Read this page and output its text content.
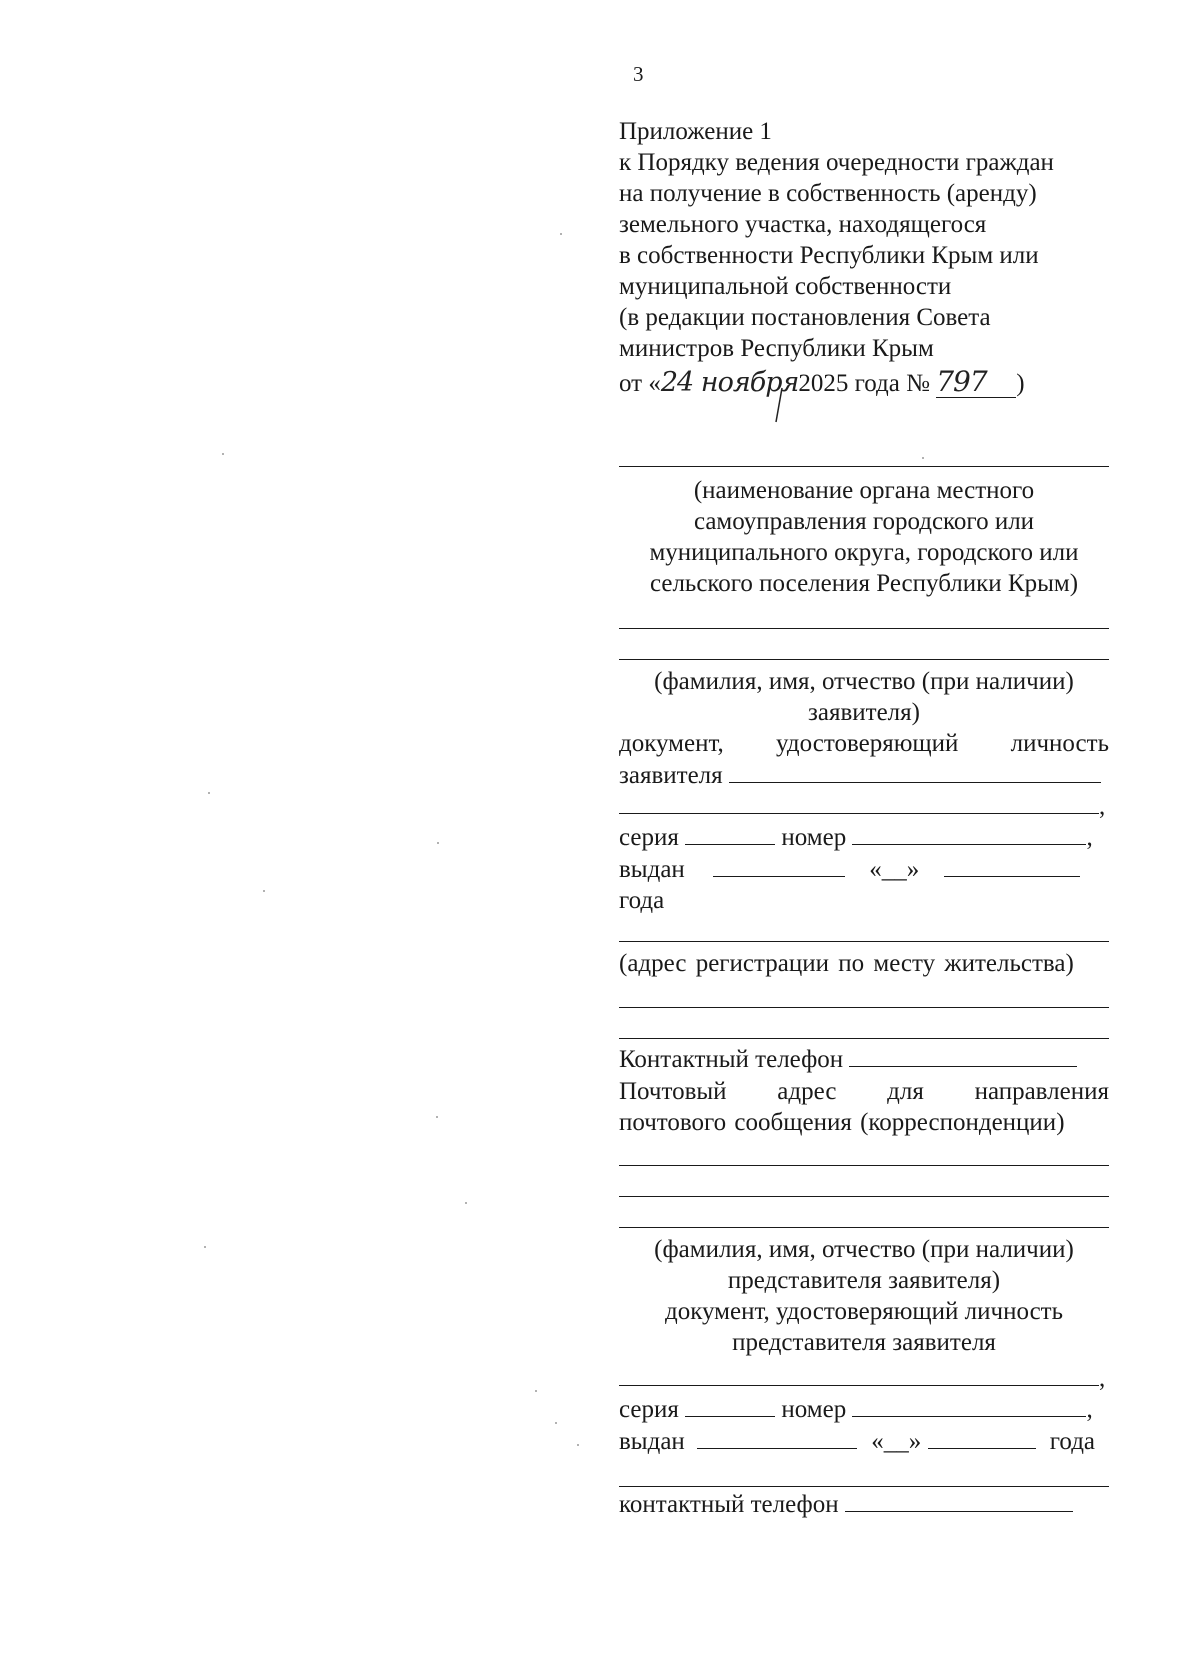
3
Приложение 1
к Порядку ведения очередности граждан
на получение в собственность (аренду)
земельного участка, находящегося
в собственности Республики Крым или
муниципальной собственности
(в редакции постановления Совета
министров Республики Крым
от «24 ноября2025 года № 797 )
(наименование органа местного
самоуправления городского или
муниципального округа, городского или
сельского поселения Республики Крым)
(фамилия, имя, отчество (при наличии)
заявителя)
документ, удостоверяющий личность
заявителя
,
серия	номер	,
выдан	«__»
года
(адрес регистрации по месту жительства)
Контактный телефон
Почтовый адрес для направления
почтового сообщения (корреспонденции)
(фамилия, имя, отчество (при наличии)
представителя заявителя)
документ, удостоверяющий личность
представителя заявителя
,
серия	номер	,
выдан	«__»	года
контактный телефон
